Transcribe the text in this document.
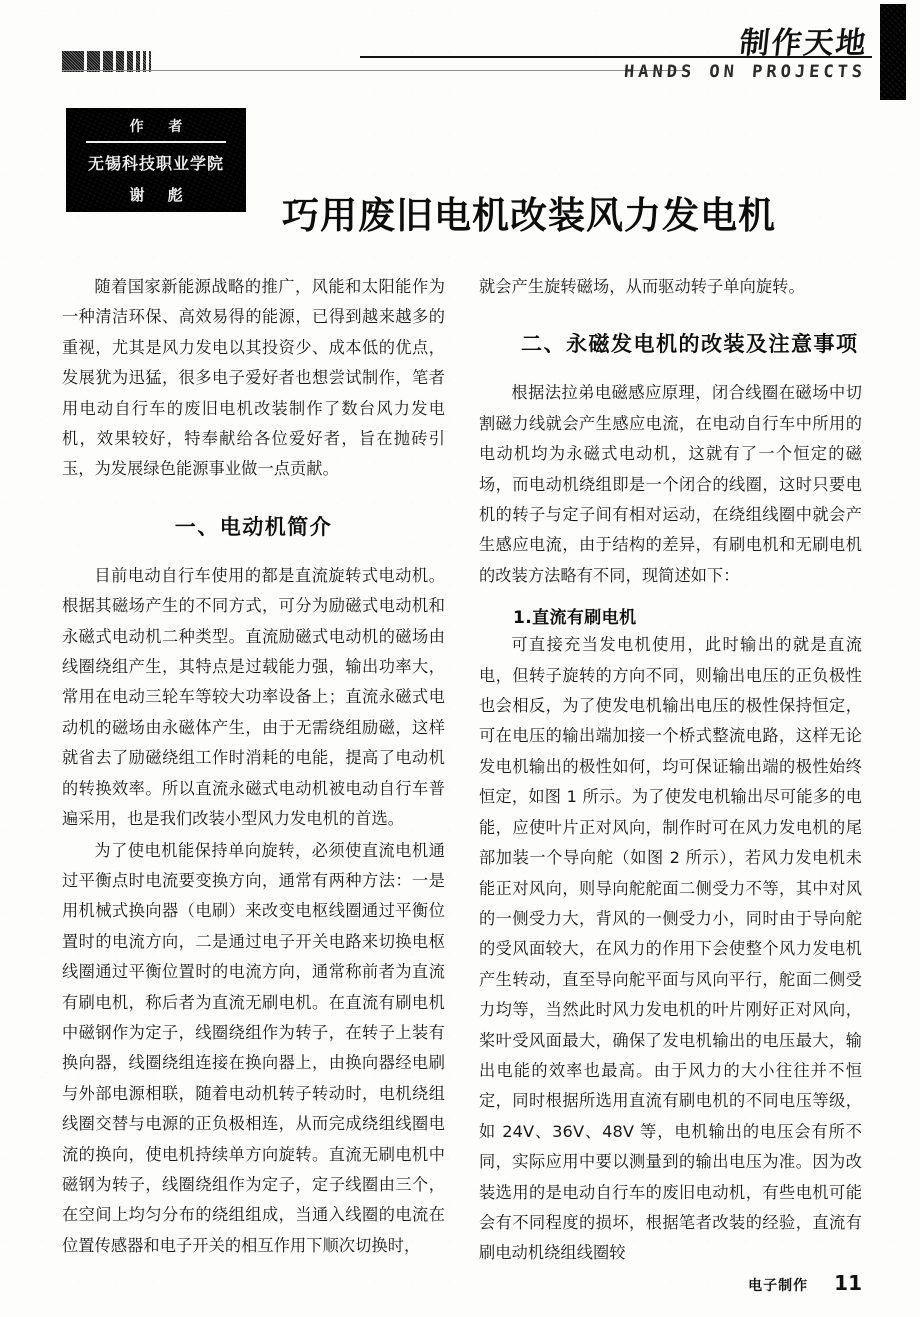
制作天地
HANDS ON PROJECTS
作 者
无锡科技职业学院
谢 彪 巧用废旧电机改装风力发电机

随着国家新能源战略的推广，风能和太阳能作为一种清洁环保、高效易得的能源，已得到越来越多的重视，尤其是风力发电以其投资少、成本低的优点，发展犹为迅猛，很多电子爱好者也想尝试制作，笔者用电动自行车的废旧电机改装制作了数台风力发电机，效果较好，特奉献给各位爱好者，旨在抛砖引玉，为发展绿色能源事业做一点贡献。

一、电动机简介

目前电动自行车使用的都是直流旋转式电动机。根据其磁场产生的不同方式，可分为励磁式电动机和永磁式电动机二种类型。直流励磁式电动机的磁场由线圈绕组产生，其特点是过载能力强，输出功率大，常用在电动三轮车等较大功率设备上；直流永磁式电动机的磁场由永磁体产生，由于无需绕组励磁，这样就省去了励磁绕组工作时消耗的电能，提高了电动机的转换效率。所以直流永磁式电动机被电动自行车普遍采用，也是我们改装小型风力发电机的首选。

为了使电机能保持单向旋转，必须使直流电机通过平衡点时电流要变换方向，通常有两种方法：一是用机械式换向器（电刷）来改变电枢线圈通过平衡位置时的电流方向，二是通过电子开关电路来切换电枢线圈通过平衡位置时的电流方向，通常称前者为直流有刷电机，称后者为直流无刷电机。在直流有刷电机中磁钢作为定子，线圈绕组作为转子，在转子上装有换向器，线圈绕组连接在换向器上，由换向器经电刷与外部电源相联，随着电动机转子转动时，电机绕组线圈交替与电源的正负极相连，从而完成绕组线圈电流的换向，使电机持续单方向旋转。直流无刷电机中磁钢为转子，线圈绕组作为定子，定子线圈由三个，在空间上均匀分布的绕组组成，当通入线圈的电流在位置传感器和电子开关的相互作用下顺次切换时，

就会产生旋转磁场，从而驱动转子单向旋转。

二、永磁发电机的改装及注意事项

根据法拉弟电磁感应原理，闭合线圈在磁场中切割磁力线就会产生感应电流，在电动自行车中所用的电动机均为永磁式电动机，这就有了一个恒定的磁场，而电动机绕组即是一个闭合的线圈，这时只要电机的转子与定子间有相对运动，在绕组线圈中就会产生感应电流，由于结构的差异，有刷电机和无刷电机的改装方法略有不同，现简述如下：

1.直流有刷电机

可直接充当发电机使用，此时输出的就是直流电，但转子旋转的方向不同，则输出电压的正负极性也会相反，为了使发电机输出电压的极性保持恒定，可在电压的输出端加接一个桥式整流电路，这样无论发电机输出的极性如何，均可保证输出端的极性始终恒定，如图 1 所示。为了使发电机输出尽可能多的电能，应使叶片正对风向，制作时可在风力发电机的尾部加装一个导向舵（如图 2 所示），若风力发电机未能正对风向，则导向舵舵面二侧受力不等，其中对风的一侧受力大，背风的一侧受力小，同时由于导向舵的受风面较大，在风力的作用下会使整个风力发电机产生转动，直至导向舵平面与风向平行，舵面二侧受力均等，当然此时风力发电机的叶片刚好正对风向，桨叶受风面最大，确保了发电机输出的电压最大，输出电能的效率也最高。由于风力的大小往往并不恒定，同时根据所选用直流有刷电机的不同电压等级，如 24V、36V、48V 等，电机输出的电压会有所不同，实际应用中要以测量到的输出电压为准。因为改装选用的是电动自行车的废旧电动机，有些电机可能会有不同程度的损坏，根据笔者改装的经验，直流有刷电动机绕组线圈较

电子制作 11
